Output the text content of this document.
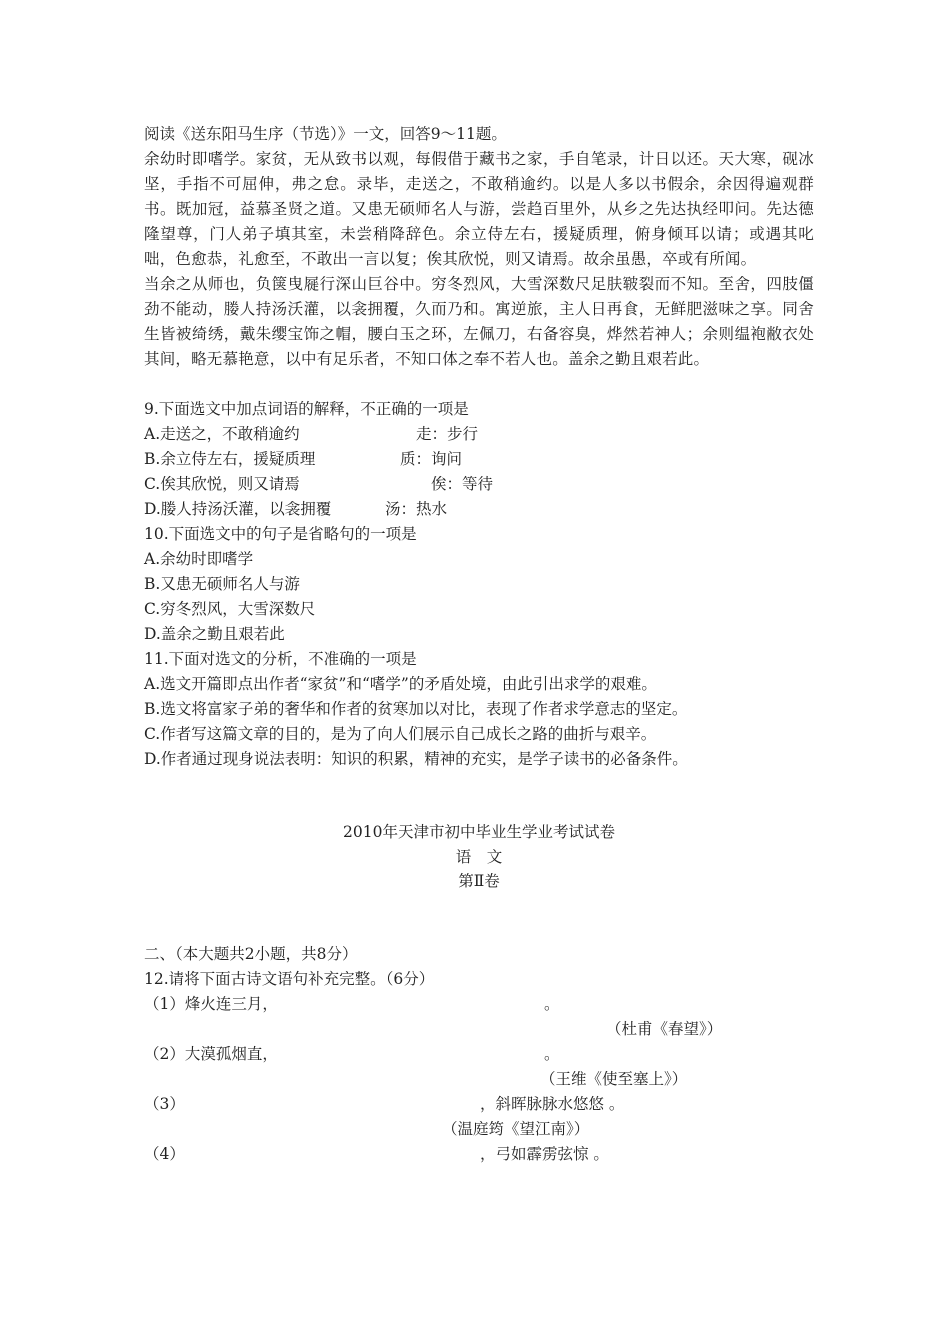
阅读《送东阳马生序（节选）》一文，回答9～11题。

余幼时即嗜学。家贫，无从致书以观，每假借于藏书之家，手自笔录，计日以还。天大寒，砚冰坚，手指不可屈伸，弗之怠。录毕，走送之，不敢稍逾约。以是人多以书假余，余因得遍观群书。既加冠，益慕圣贤之道。又患无硕师名人与游，尝趋百里外，从乡之先达执经叩问。先达德隆望尊，门人弟子填其室，未尝稍降辞色。余立侍左右，援疑质理，俯身倾耳以请；或遇其叱咄，色愈恭，礼愈至，不敢出一言以复；俟其欣悦，则又请焉。故余虽愚，卒或有所闻。

当余之从师也，负箧曳屣行深山巨谷中。穷冬烈风，大雪深数尺足肤皲裂而不知。至舍，四肢僵劲不能动，媵人持汤沃灌，以衾拥覆，久而乃和。寓逆旅，主人日再食，无鲜肥滋味之享。同舍生皆被绮绣，戴朱缨宝饰之帽，腰白玉之环，左佩刀，右备容臭，烨然若神人；余则缊袍敝衣处其间，略无慕艳意，以中有足乐者，不知口体之奉不若人也。盖余之勤且艰若此。

9.下面选文中加点词语的解释，不正确的一项是

A.走送之，不敢稍逾约	走：步行
B.余立侍左右，援疑质理	质：询问
C.俟其欣悦，则又请焉	俟：等待
D.媵人持汤沃灌，以衾拥覆	汤：热水

10.下面选文中的句子是省略句的一项是

A.余幼时即嗜学

B.又患无硕师名人与游

C.穷冬烈风，大雪深数尺

D.盖余之勤且艰若此

11.下面对选文的分析，不准确的一项是

A.选文开篇即点出作者“家贫”和“嗜学”的矛盾处境，由此引出求学的艰难。

B.选文将富家子弟的奢华和作者的贫寒加以对比，表现了作者求学意志的坚定。

C.作者写这篇文章的目的，是为了向人们展示自己成长之路的曲折与艰辛。

D.作者通过现身说法表明：知识的积累，精神的充实，是学子读书的必备条件。

2010年天津市初中毕业生学业考试试卷

语　文

第Ⅱ卷

二、（本大题共2小题，共8分）

12.请将下面古诗文语句补充完整。（6分）

（1）烽火连三月，	。
（杜甫《春望》）
（2）大漠孤烟直，	。
（王维《使至塞上》）
（3）	，斜晖脉脉水悠悠 。
（温庭筠《望江南》）
（4）	，弓如霹雳弦惊 。
